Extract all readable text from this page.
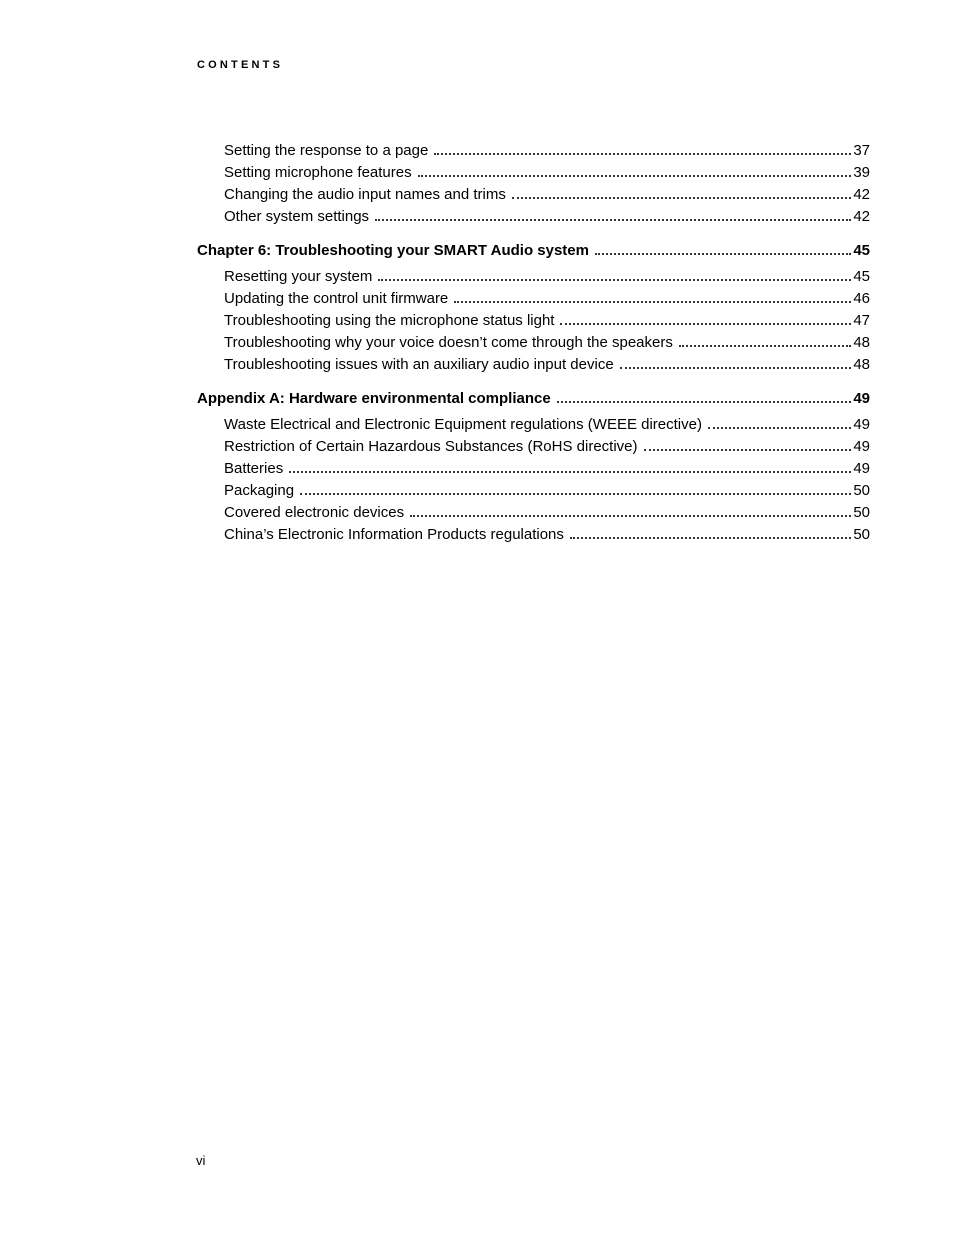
CONTENTS
Setting the response to a page	37
Setting microphone features	39
Changing the audio input names and trims	42
Other system settings	42
Chapter 6: Troubleshooting your SMART Audio system	45
Resetting your system	45
Updating the control unit firmware	46
Troubleshooting using the microphone status light	47
Troubleshooting why your voice doesn’t come through the speakers	48
Troubleshooting issues with an auxiliary audio input device	48
Appendix A: Hardware environmental compliance	49
Waste Electrical and Electronic Equipment regulations (WEEE directive)	49
Restriction of Certain Hazardous Substances (RoHS directive)	49
Batteries	49
Packaging	50
Covered electronic devices	50
China’s Electronic Information Products regulations	50
vi
